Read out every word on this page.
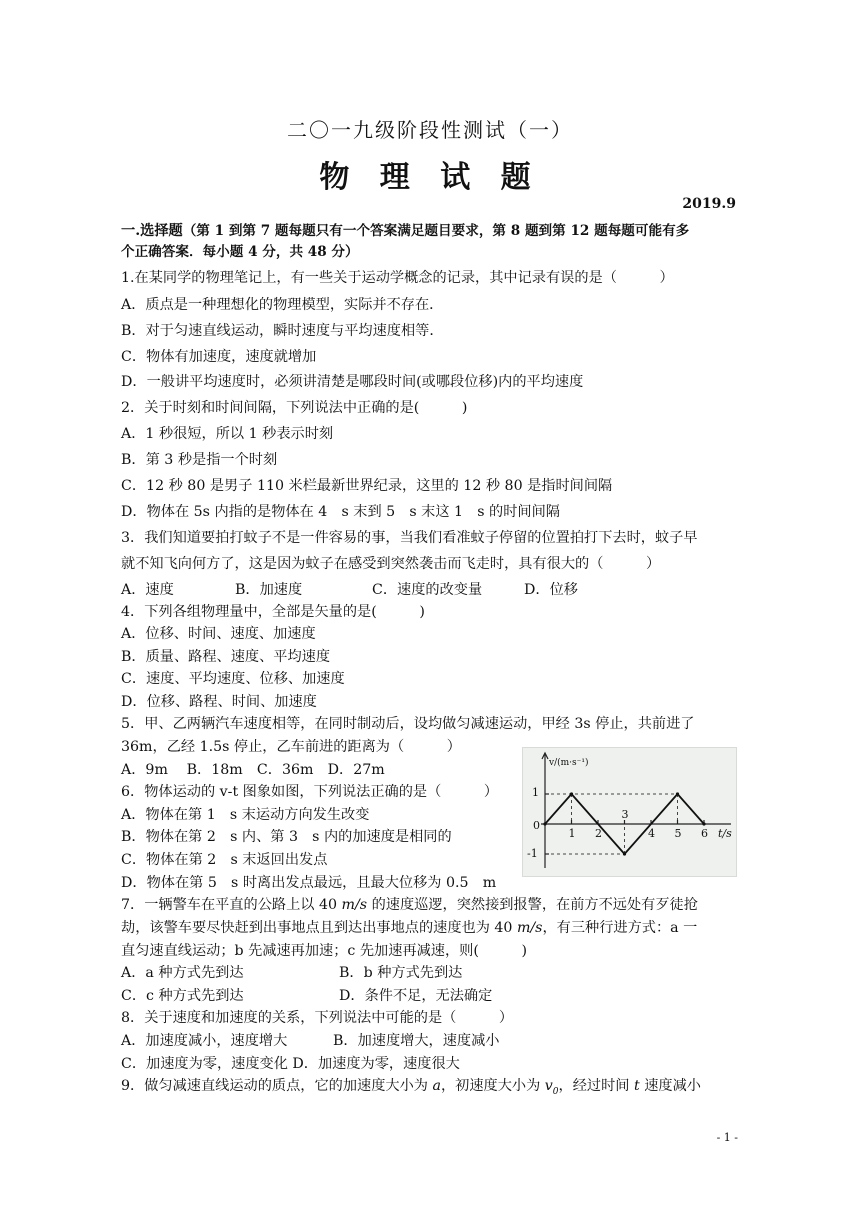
二〇一九级阶段性测试（一）
物 理 试 题
2019.9
一.选择题（第 1 到第 7 题每题只有一个答案满足题目要求，第 8 题到第 12 题每题可能有多
个正确答案．每小题 4 分，共 48 分）
1.在某同学的物理笔记上，有一些关于运动学概念的记录，其中记录有误的是（　　　）
A．质点是一种理想化的物理模型，实际并不存在．
B．对于匀速直线运动，瞬时速度与平均速度相等．
C．物体有加速度，速度就增加
D．一般讲平均速度时，必须讲清楚是哪段时间(或哪段位移)内的平均速度
2．关于时刻和时间间隔，下列说法中正确的是(　　　)
A．1 秒很短，所以 1 秒表示时刻
B．第 3 秒是指一个时刻
C．12 秒 80 是男子 110 米栏最新世界纪录，这里的 12 秒 80 是指时间间隔
D．物体在 5s 内指的是物体在 4　s 末到 5　s 末这 1　s 的时间间隔
3．我们知道要拍打蚊子不是一件容易的事，当我们看准蚊子停留的位置拍打下去时，蚊子早
就不知飞向何方了，这是因为蚊子在感受到突然袭击而飞走时，具有很大的（　　　）
A．速度	B．加速度	C．速度的改变量	D．位移
4．下列各组物理量中，全部是矢量的是(　　　)
A．位移、时间、速度、加速度
B．质量、路程、速度、平均速度
C．速度、平均速度、位移、加速度
D．位移、路程、时间、加速度
5．甲、乙两辆汽车速度相等，在同时制动后，设均做匀减速运动，甲经 3s 停止，共前进了
36m，乙经 1.5s 停止，乙车前进的距离为（　　　）
A．9m　 B．18m　C．36m　D．27m
6．物体运动的 v-t 图象如图，下列说法正确的是（　　　）
A．物体在第 1　s 末运动方向发生改变
B．物体在第 2　s 内、第 3　s 内的加速度是相同的
C．物体在第 2　s 末返回出发点
D．物体在第 5　s 时离出发点最远，且最大位移为 0.5　m
v/(m·s⁻¹)
1
-1
0
1 2
3
4 5 6 t/s
7．一辆警车在平直的公路上以 40 m/s 的速度巡逻，突然接到报警，在前方不远处有歹徒抢
劫，该警车要尽快赶到出事地点且到达出事地点的速度也为 40 m/s，有三种行进方式：a 一
直匀速直线运动；b 先减速再加速；c 先加速再减速，则(　　　)
A．a 种方式先到达	B．b 种方式先到达
C．c 种方式先到达	D．条件不足，无法确定
8．关于速度和加速度的关系，下列说法中可能的是（　　　）
A．加速度减小，速度增大	B．加速度增大，速度减小
C．加速度为零，速度变化 D．加速度为零，速度很大
9．做匀减速直线运动的质点，它的加速度大小为 a，初速度大小为 $v_0$，经过时间 t 速度减小
- 1 -
